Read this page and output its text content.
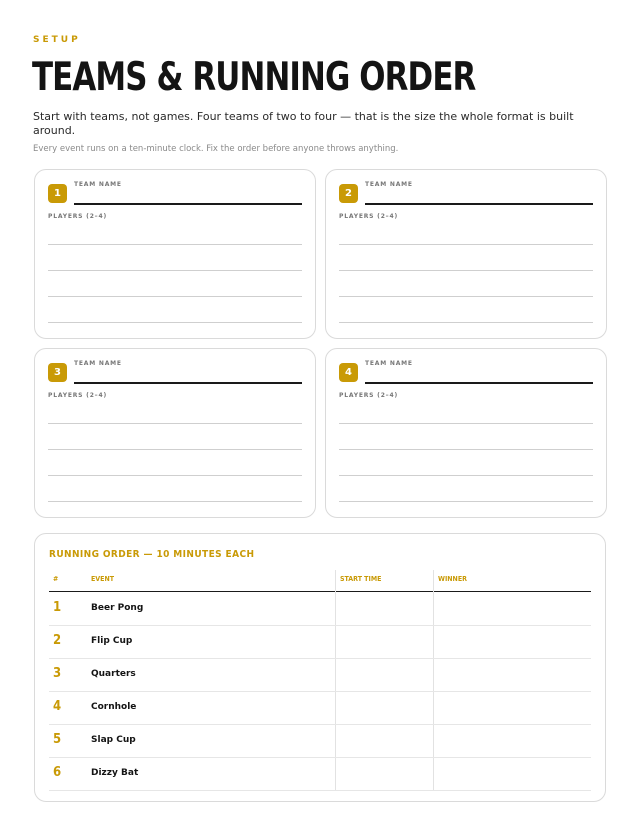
SETUP
TEAMS & RUNNING ORDER
Start with teams, not games. Four teams of two to four — that is the size the whole format is built around.
Every event runs on a ten-minute clock. Fix the order before anyone throws anything.
1
TEAM NAME
PLAYERS (2–4)
2
TEAM NAME
PLAYERS (2–4)
3
TEAM NAME
PLAYERS (2–4)
4
TEAM NAME
PLAYERS (2–4)
RUNNING ORDER — 10 MINUTES EACH
#	EVENT	START TIME	WINNER
1	Beer Pong
2	Flip Cup
3	Quarters
4	Cornhole
5	Slap Cup
6	Dizzy Bat
